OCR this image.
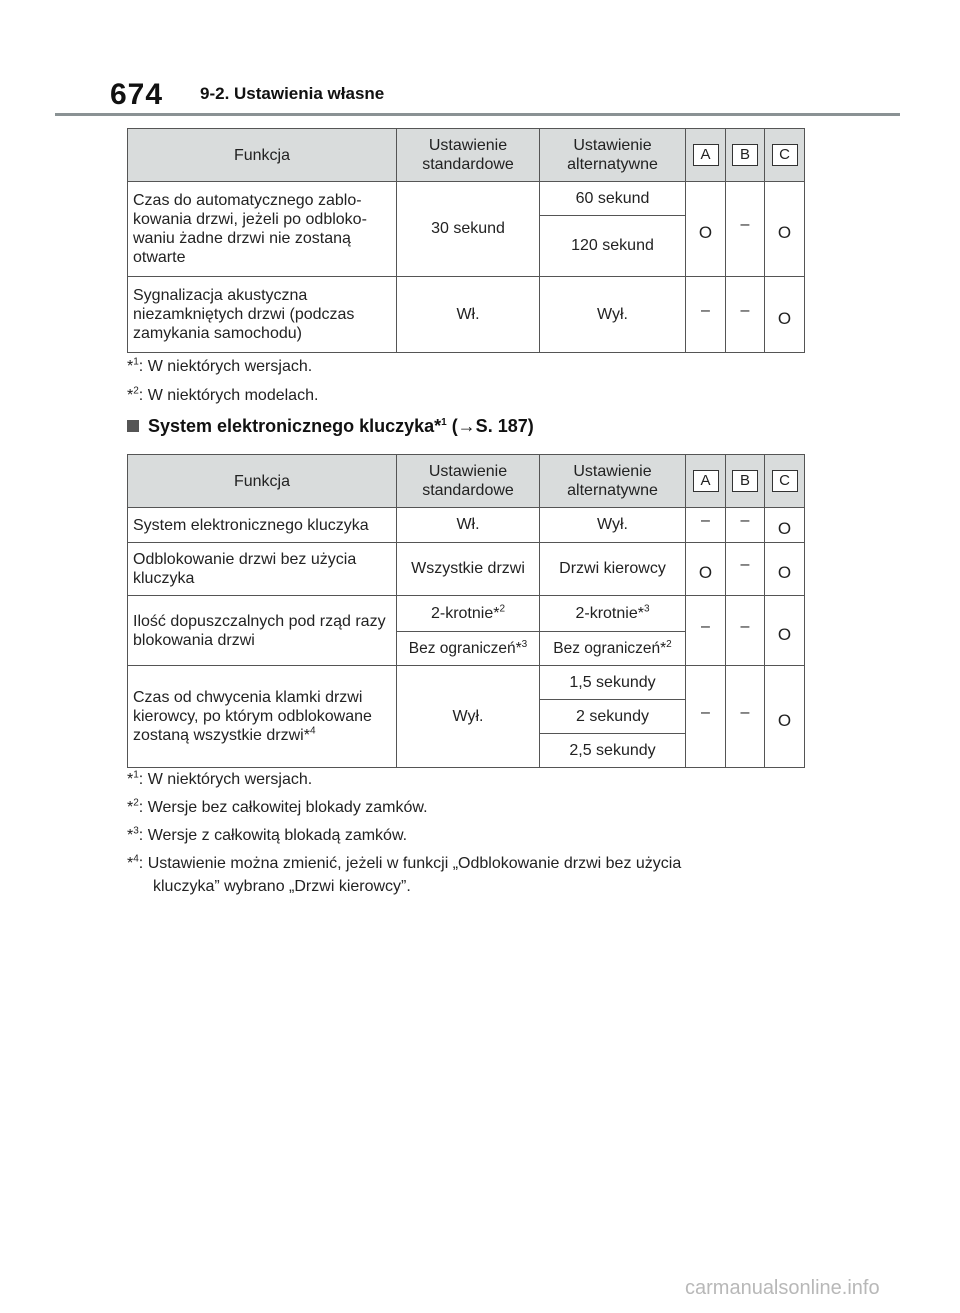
674 9-2. Ustawienia własne
Funkcja	Ustawienie standardowe	Ustawienie alternatywne	A	B	C
Czas do automatycznego zablokowania drzwi, jeżeli po odblokowaniu żadne drzwi nie zostaną otwarte	30 sekund	60 sekund	O	–	O
		120 sekund			
Sygnalizacja akustyczna niezamkniętych drzwi (podczas zamykania samochodu)	Wł.	Wył.	–	–	O
*$^1$: W niektórych wersjach.
*$^2$: W niektórych modelach.
System elektronicznego kluczyka*$^1$ (→S. 187)
Funkcja	Ustawienie standardowe	Ustawienie alternatywne	A	B	C
System elektronicznego kluczyka	Wł.	Wył.	–	–	O
Odblokowanie drzwi bez użycia kluczyka	Wszystkie drzwi	Drzwi kierowcy	O	–	O
Ilość dopuszczalnych pod rząd razy blokowania drzwi	2-krotnie*$^2$	2-krotnie*$^3$	–	–	O
	Bez ograniczeń*$^3$	Bez ograniczeń*$^2$
Czas od chwycenia klamki drzwi kierowcy, po którym odblokowane zostaną wszystkie drzwi*$^4$	Wył.	1,5 sekundy	–	–	O
		2 sekundy			
		2,5 sekundy			
*$^1$: W niektórych wersjach.
*$^2$: Wersje bez całkowitej blokady zamków.
*$^3$: Wersje z całkowitą blokadą zamków.
*$^4$: Ustawienie można zmienić, jeżeli w funkcji „Odblokowanie drzwi bez użycia
kluczyka” wybrano „Drzwi kierowcy”.
carmanualsonline.info
